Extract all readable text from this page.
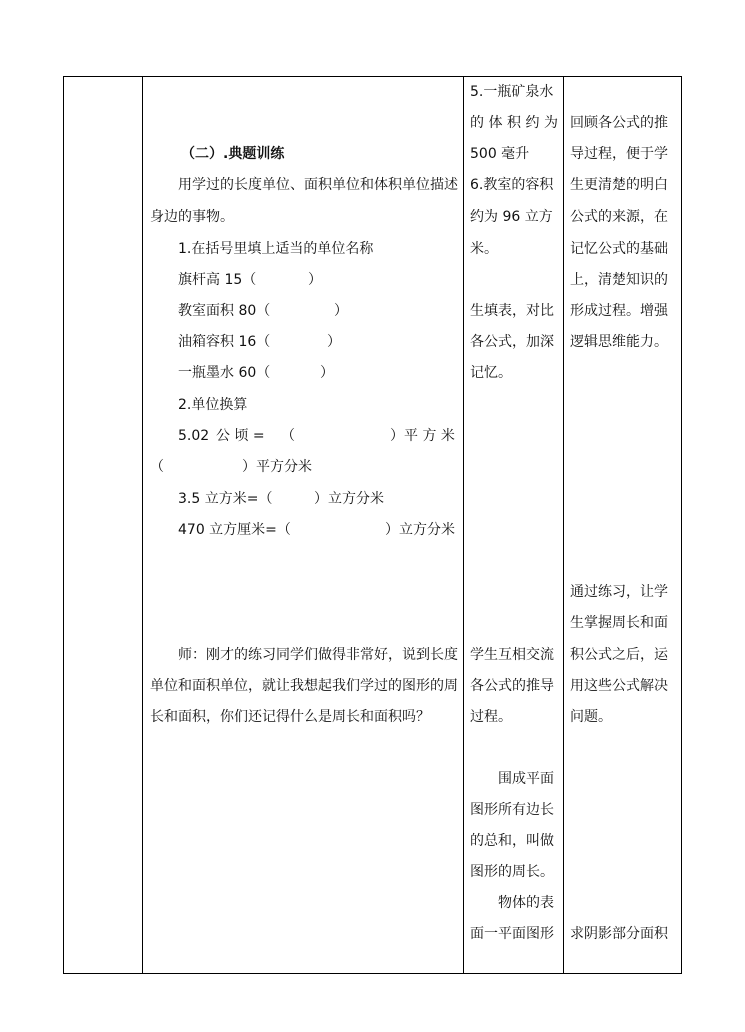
（二）.典题训练
用学过的长度单位、面积单位和体积单位描述
身边的事物。
1.在括号里填上适当的单位名称
旗杆高 15（	）
教室面积 80（	）
油箱容积 16（	）
一瓶墨水 60（	）
2.单位换算
5.02 公 顷 = （	）平 方 米
（	）平方分米
3.5 立方米=（	）立方分米
470 立方厘米=（	）立方分米
师：刚才的练习同学们做得非常好，说到长度
单位和面积单位，就让我想起我们学过的图形的周
长和面积，你们还记得什么是周长和面积吗？
5.一瓶矿泉水
的 体 积 约 为
500 毫升
6.教室的容积
约为 96 立方
米。
生填表，对比
各公式，加深
记忆。
学生互相交流
各公式的推导
过程。
围成平面
图形所有边长
的总和，叫做
图形的周长。
物体的表
面一平面图形
回顾各公式的推
导过程，便于学
生更清楚的明白
公式的来源，在
记忆公式的基础
上，清楚知识的
形成过程。增强
逻辑思维能力。
通过练习，让学
生掌握周长和面
积公式之后，运
用这些公式解决
问题。
求阴影部分面积
